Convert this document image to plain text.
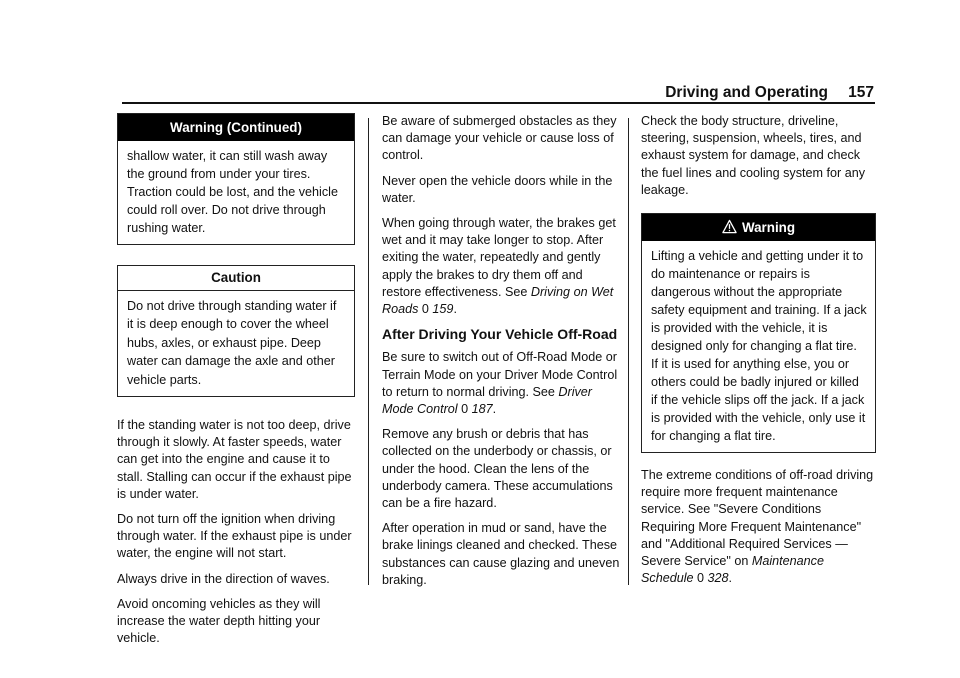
Driving and Operating 157
Warning (Continued)

shallow water, it can still wash away the ground from under your tires. Traction could be lost, and the vehicle could roll over. Do not drive through rushing water.

Caution

Do not drive through standing water if it is deep enough to cover the wheel hubs, axles, or exhaust pipe. Deep water can damage the axle and other vehicle parts.

If the standing water is not too deep, drive through it slowly. At faster speeds, water can get into the engine and cause it to stall. Stalling can occur if the exhaust pipe is under water.

Do not turn off the ignition when driving through water. If the exhaust pipe is under water, the engine will not start.

Always drive in the direction of waves.

Avoid oncoming vehicles as they will increase the water depth hitting your vehicle.

Be aware of submerged obstacles as they can damage your vehicle or cause loss of control.

Never open the vehicle doors while in the water.

When going through water, the brakes get wet and it may take longer to stop. After exiting the water, repeatedly and gently apply the brakes to dry them off and restore effectiveness. See Driving on Wet Roads 0 159.

After Driving Your Vehicle Off-Road

Be sure to switch out of Off-Road Mode or Terrain Mode on your Driver Mode Control to return to normal driving. See Driver Mode Control 0 187.

Remove any brush or debris that has collected on the underbody or chassis, or under the hood. Clean the lens of the underbody camera. These accumulations can be a fire hazard.

After operation in mud or sand, have the brake linings cleaned and checked. These substances can cause glazing and uneven braking.

Check the body structure, driveline, steering, suspension, wheels, tires, and exhaust system for damage, and check the fuel lines and cooling system for any leakage.

Warning

Lifting a vehicle and getting under it to do maintenance or repairs is dangerous without the appropriate safety equipment and training. If a jack is provided with the vehicle, it is designed only for changing a flat tire. If it is used for anything else, you or others could be badly injured or killed if the vehicle slips off the jack. If a jack is provided with the vehicle, only use it for changing a flat tire.

The extreme conditions of off-road driving require more frequent maintenance service. See "Severe Conditions Requiring More Frequent Maintenance" and "Additional Required Services — Severe Service" on Maintenance Schedule 0 328.
